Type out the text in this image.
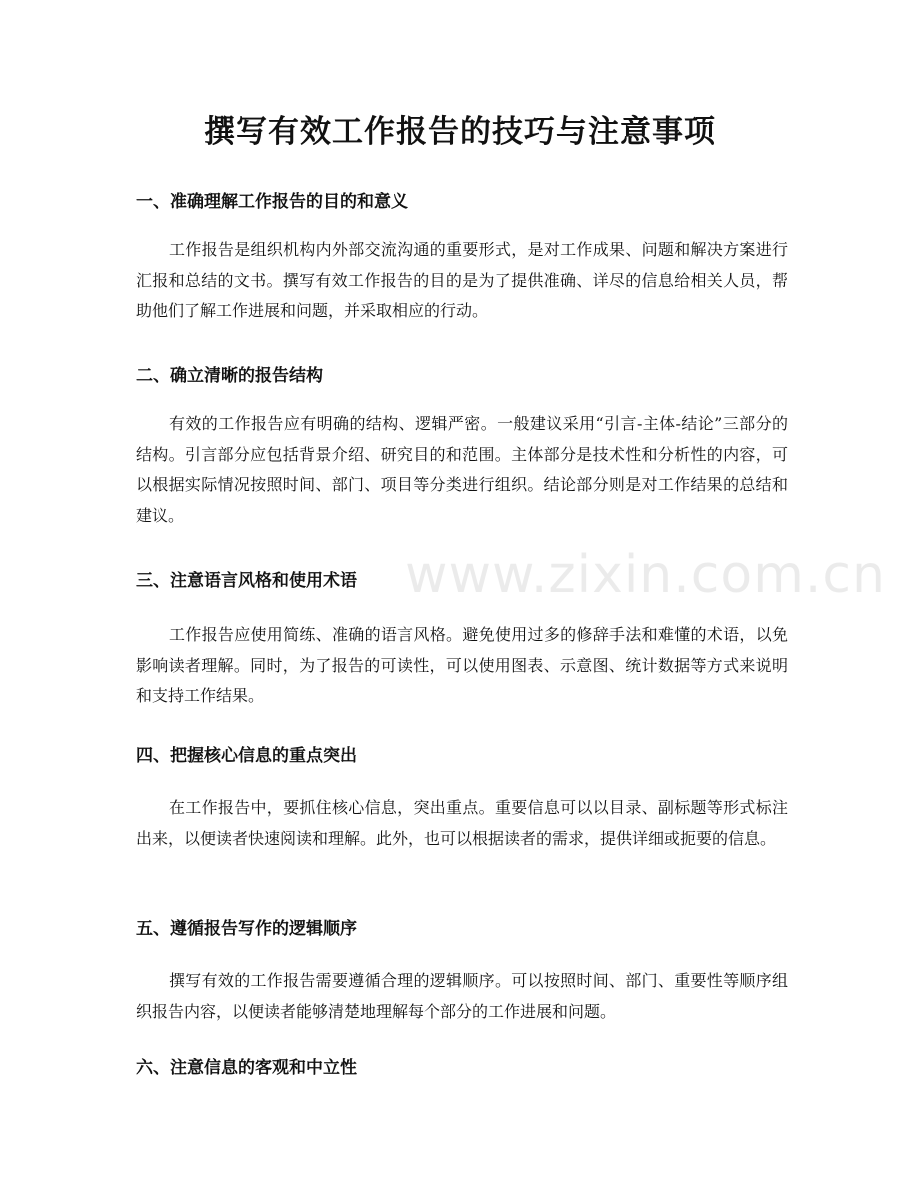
撰写有效工作报告的技巧与注意事项
一、准确理解工作报告的目的和意义

工作报告是组织机构内外部交流沟通的重要形式，是对工作成果、问题和解决方案进行汇报和总结的文书。撰写有效工作报告的目的是为了提供准确、详尽的信息给相关人员，帮助他们了解工作进展和问题，并采取相应的行动。

二、确立清晰的报告结构

有效的工作报告应有明确的结构、逻辑严密。一般建议采用“引言-主体-结论”三部分的结构。引言部分应包括背景介绍、研究目的和范围。主体部分是技术性和分析性的内容，可以根据实际情况按照时间、部门、项目等分类进行组织。结论部分则是对工作结果的总结和建议。

三、注意语言风格和使用术语

工作报告应使用简练、准确的语言风格。避免使用过多的修辞手法和难懂的术语，以免影响读者理解。同时，为了报告的可读性，可以使用图表、示意图、统计数据等方式来说明和支持工作结果。

四、把握核心信息的重点突出

在工作报告中，要抓住核心信息，突出重点。重要信息可以以目录、副标题等形式标注出来，以便读者快速阅读和理解。此外，也可以根据读者的需求，提供详细或扼要的信息。

五、遵循报告写作的逻辑顺序

撰写有效的工作报告需要遵循合理的逻辑顺序。可以按照时间、部门、重要性等顺序组织报告内容，以便读者能够清楚地理解每个部分的工作进展和问题。

六、注意信息的客观和中立性
www.zixin.com.cn
